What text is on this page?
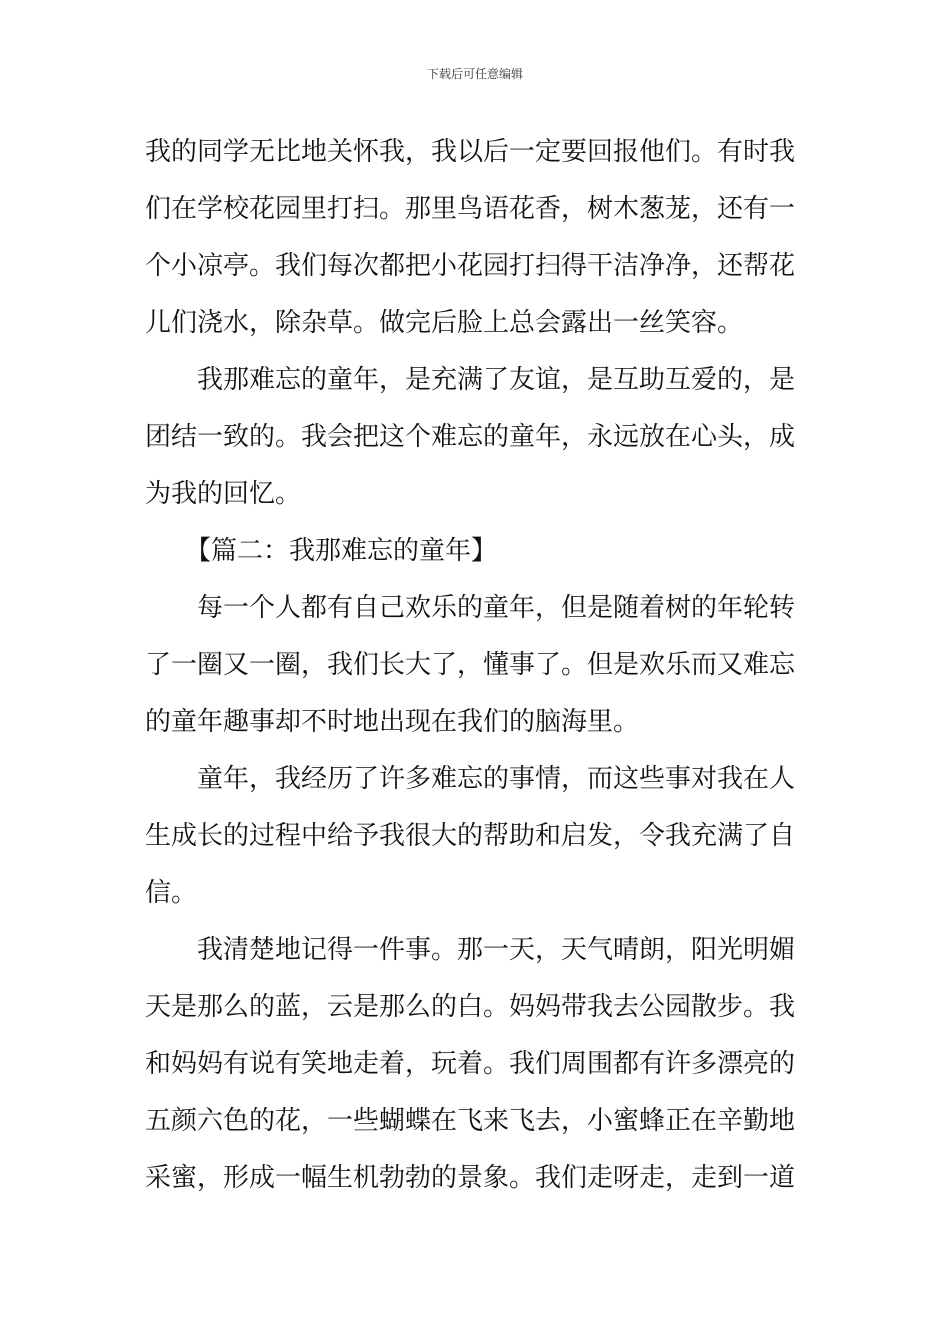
下载后可任意编辑
我的同学无比地关怀我，我以后一定要回报他们。有时我
们在学校花园里打扫。那里鸟语花香，树木葱茏，还有一
个小凉亭。我们每次都把小花园打扫得干洁净净，还帮花
儿们浇水，除杂草。做完后脸上总会露出一丝笑容。
我那难忘的童年，是充满了友谊，是互助互爱的，是
团结一致的。我会把这个难忘的童年，永远放在心头，成
为我的回忆。
【篇二：我那难忘的童年】
每一个人都有自己欢乐的童年，但是随着树的年轮转
了一圈又一圈，我们长大了，懂事了。但是欢乐而又难忘
的童年趣事却不时地出现在我们的脑海里。
童年，我经历了许多难忘的事情，而这些事对我在人
生成长的过程中给予我很大的帮助和启发，令我充满了自
信。
我清楚地记得一件事。那一天，天气晴朗，阳光明媚
天是那么的蓝，云是那么的白。妈妈带我去公园散步。我
和妈妈有说有笑地走着，玩着。我们周围都有许多漂亮的
五颜六色的花，一些蝴蝶在飞来飞去，小蜜蜂正在辛勤地
采蜜，形成一幅生机勃勃的景象。我们走呀走，走到一道
